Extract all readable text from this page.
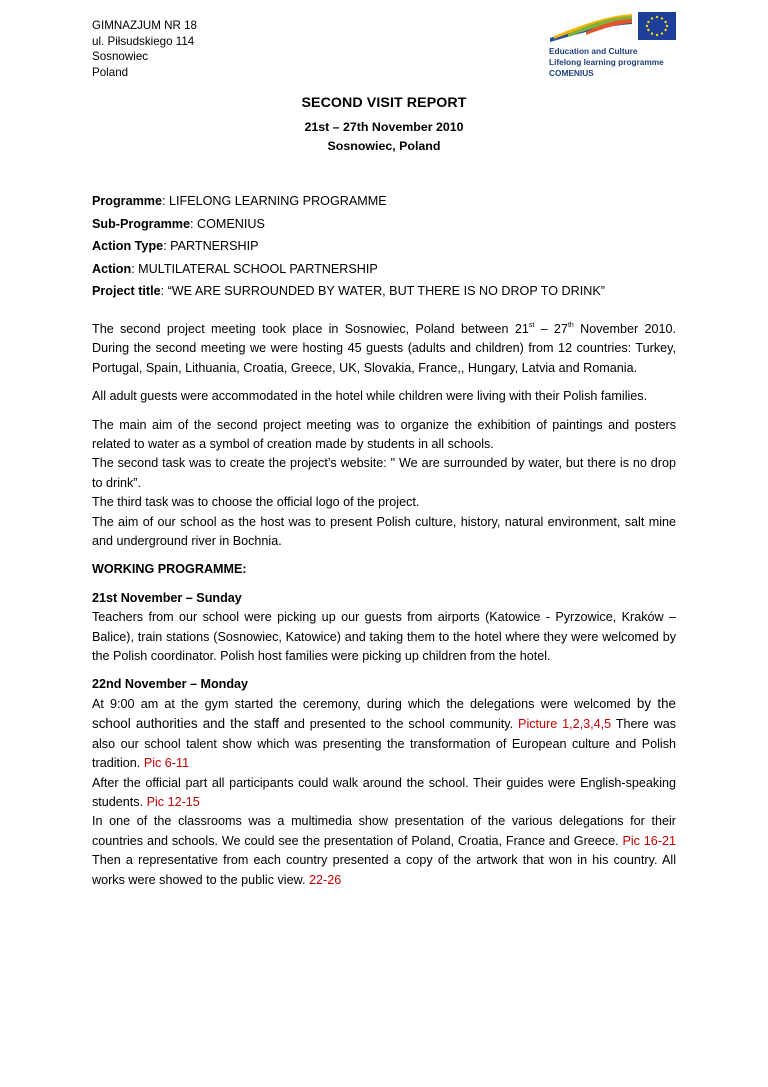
GIMNAZJUM NR 18
ul. Piłsudskiego 114
Sosnowiec
Poland
Education and Culture
Lifelong learning programme
COMENIUS
SECOND VISIT REPORT
21st – 27th November 2010
Sosnowiec, Poland
Programme: LIFELONG LEARNING PROGRAMME
Sub-Programme: COMENIUS
Action Type: PARTNERSHIP
Action: MULTILATERAL SCHOOL PARTNERSHIP
Project title: “WE ARE SURROUNDED BY WATER, BUT THERE IS NO DROP TO DRINK”

The second project meeting took place in Sosnowiec, Poland between 21st – 27th November 2010. During the second meeting we were hosting 45 guests (adults and children) from 12 countries: Turkey, Portugal, Spain, Lithuania, Croatia, Greece, UK, Slovakia, France,, Hungary, Latvia and Romania.

All adult guests were accommodated in the hotel while children were living with their Polish families.

The main aim of the second project meeting was to organize the exhibition of paintings and posters related to water as a symbol of creation made by students in all schools.

The second task was to create the project’s website: " We are surrounded by water, but there is no drop to drink”.

The third task was to choose the official logo of the project.

The aim of our school as the host was to present Polish culture, history, natural environment, salt mine and underground river in Bochnia.

WORKING PROGRAMME:

21st November – Sunday

Teachers from our school were picking up our guests from airports (Katowice - Pyrzowice, Kraków – Balice), train stations (Sosnowiec, Katowice) and taking them to the hotel where they were welcomed by the Polish coordinator. Polish host families were picking up children from the hotel.

22nd November – Monday

At 9:00 am at the gym started the ceremony, during which the delegations were welcomed by the school authorities and the staff and presented to the school community. Picture 1,2,3,4,5 There was also our school talent show which was presenting the transformation of European culture and Polish tradition. Pic 6-11

After the official part all participants could walk around the school. Their guides were English-speaking students. Pic 12-15

In one of the classrooms was a multimedia show presentation of the various delegations for their countries and schools. We could see the presentation of Poland, Croatia, France and Greece. Pic 16-21 Then a representative from each country presented a copy of the artwork that won in his country. All works were showed to the public view. 22-26
